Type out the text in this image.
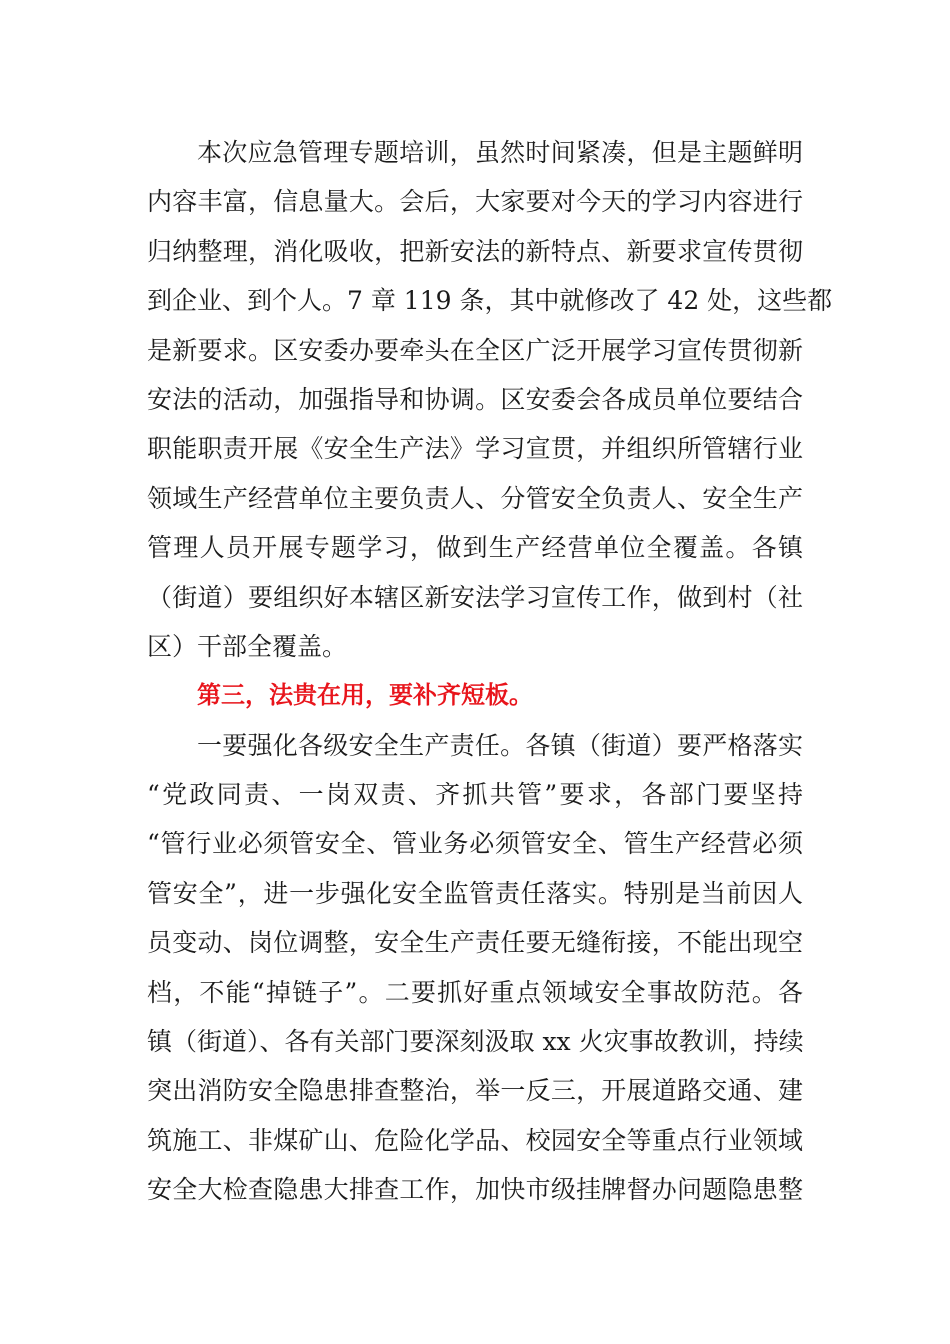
本次应急管理专题培训，虽然时间紧凑，但是主题鲜明
内容丰富，信息量大。会后，大家要对今天的学习内容进行
归纳整理，消化吸收，把新安法的新特点、新要求宣传贯彻
到企业、到个人。7 章 119 条，其中就修改了 42 处，这些都
是新要求。区安委办要牵头在全区广泛开展学习宣传贯彻新
安法的活动，加强指导和协调。区安委会各成员单位要结合
职能职责开展《安全生产法》学习宣贯，并组织所管辖行业
领域生产经营单位主要负责人、分管安全负责人、安全生产
管理人员开展专题学习，做到生产经营单位全覆盖。各镇
（街道）要组织好本辖区新安法学习宣传工作，做到村（社
区）干部全覆盖。
第三，法贵在用，要补齐短板。
一要强化各级安全生产责任。各镇（街道）要严格落实
“党政同责、一岗双责、齐抓共管”要求，各部门要坚持
“管行业必须管安全、管业务必须管安全、管生产经营必须
管安全”，进一步强化安全监管责任落实。特别是当前因人
员变动、岗位调整，安全生产责任要无缝衔接，不能出现空
档，不能“掉链子”。二要抓好重点领域安全事故防范。各
镇（街道）、各有关部门要深刻汲取 xx 火灾事故教训，持续
突出消防安全隐患排查整治，举一反三，开展道路交通、建
筑施工、非煤矿山、危险化学品、校园安全等重点行业领域
安全大检查隐患大排查工作，加快市级挂牌督办问题隐患整
